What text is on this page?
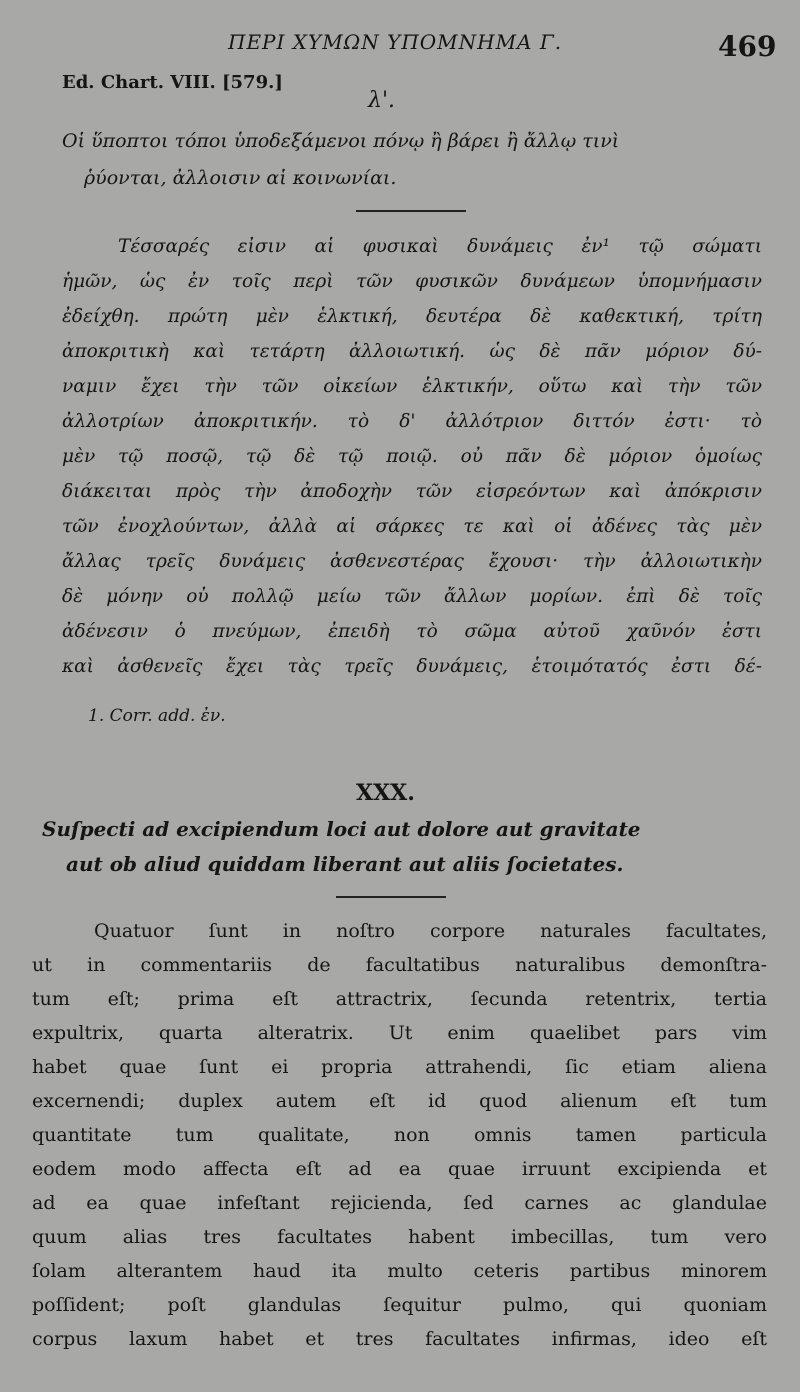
ΠΕΡΙ ΧΥΜΩΝ ΥΠΟΜΝΗΜΑ Γ.	469
Ed. Chart. VIII. [579.]
λ'.
Οἱ ὕποπτοι τόποι ὑποδεξάμενοι πόνῳ ἢ βάρει ἢ ἄλλῳ τινὶ
ῥύονται, ἀλλοισιν αἱ κοινωνίαι.
Τέσσαρές εἰσιν αἱ φυσικαὶ δυνάμεις ἐν¹ τῷ σώματι
ἡμῶν, ὡς ἐν τοῖς περὶ τῶν φυσικῶν δυνάμεων ὑπομνήμασιν
ἐδείχθη. πρώτη μὲν ἑλκτική, δευτέρα δὲ καθεκτική, τρίτη
ἀποκριτικὴ καὶ τετάρτη ἀλλοιωτική. ὡς δὲ πᾶν μόριον δύ-
ναμιν ἔχει τὴν τῶν οἰκείων ἑλκτικήν, οὕτω καὶ τὴν τῶν
ἀλλοτρίων ἀποκριτικήν. τὸ δ' ἀλλότριον διττόν ἐστι· τὸ
μὲν τῷ ποσῷ, τῷ δὲ τῷ ποιῷ. οὐ πᾶν δὲ μόριον ὁμοίως
διάκειται πρὸς τὴν ἀποδοχὴν τῶν εἰσρεόντων καὶ ἀπόκρισιν
τῶν ἐνοχλούντων, ἀλλὰ αἱ σάρκες τε καὶ οἱ ἀδένες τὰς μὲν
ἄλλας τρεῖς δυνάμεις ἀσθενεστέρας ἔχουσι· τὴν ἀλλοιωτικὴν
δὲ μόνην οὐ πολλῷ μείω τῶν ἄλλων μορίων. ἐπὶ δὲ τοῖς
ἀδένεσιν ὁ πνεύμων, ἐπειδὴ τὸ σῶμα αὐτοῦ χαῦνόν ἐστι
καὶ ἀσθενεῖς ἔχει τὰς τρεῖς δυνάμεις, ἑτοιμότατός ἐστι δέ-
1. Corr. add. ἐν.
XXX.
Suſpecti ad excipiendum loci aut dolore aut gravitate
aut ob aliud quiddam liberant aut aliis ſocietates.
Quatuor ſunt in noſtro corpore naturales facultates,
ut in commentariis de facultatibus naturalibus demonſtra-
tum eſt; prima eſt attractrix, ſecunda retentrix, tertia
expultrix, quarta alteratrix. Ut enim quaelibet pars vim
habet quae ſunt ei propria attrahendi, ſic etiam aliena
excernendi; duplex autem eſt id quod alienum eſt tum
quantitate tum qualitate, non omnis tamen particula
eodem modo affecta eſt ad ea quae irruunt excipienda et
ad ea quae infeſtant rejicienda, ſed carnes ac glandulae
quum alias tres facultates habent imbecillas, tum vero
ſolam alterantem haud ita multo ceteris partibus minorem
poſſident; poſt glandulas ſequitur pulmo, qui quoniam
corpus laxum habet et tres facultates infirmas, ideo eſt
